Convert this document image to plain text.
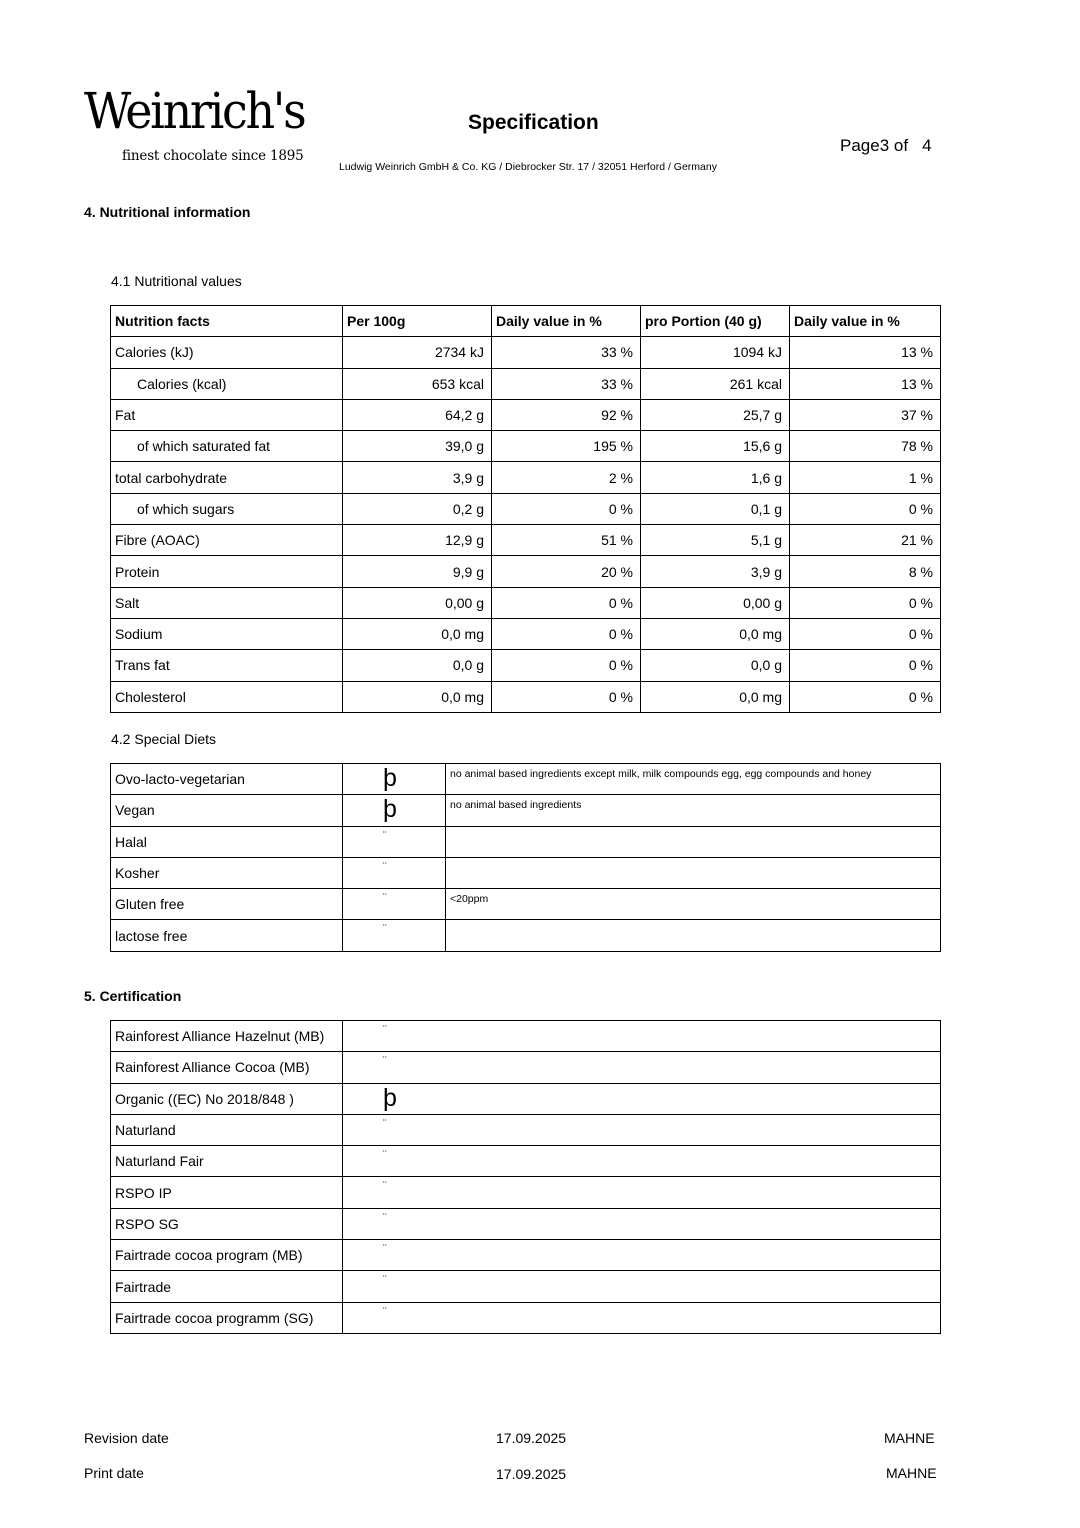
Weinrich's
finest chocolate since 1895
Specification
Ludwig Weinrich GmbH & Co. KG / Diebrocker Str. 17 / 32051 Herford / Germany
Page3 of 4
4. Nutritional information
4.1 Nutritional values
Nutrition facts	Per 100g	Daily value in %	pro Portion (40 g)	Daily value in %
Calories (kJ)	2734 kJ	33 %	1094 kJ	13 %
Calories (kcal)	653 kcal	33 %	261 kcal	13 %
Fat	64,2 g	92 %	25,7 g	37 %
of which saturated fat	39,0 g	195 %	15,6 g	78 %
total carbohydrate	3,9 g	2 %	1,6 g	1 %
of which sugars	0,2 g	0 %	0,1 g	0 %
Fibre (AOAC)	12,9 g	51 %	5,1 g	21 %
Protein	9,9 g	20 %	3,9 g	8 %
Salt	0,00 g	0 %	0,00 g	0 %
Sodium	0,0 mg	0 %	0,0 mg	0 %
Trans fat	0,0 g	0 %	0,0 g	0 %
Cholesterol	0,0 mg	0 %	0,0 mg	0 %
4.2 Special Diets
Ovo-lacto-vegetarian	þ	no animal based ingredients except milk, milk compounds egg, egg compounds and honey
Vegan	þ	no animal based ingredients
Halal	¨	
Kosher	¨	
Gluten free	¨	<20ppm
lactose free	¨	
5. Certification
Rainforest Alliance Hazelnut (MB)	¨
Rainforest Alliance Cocoa (MB)	¨
Organic ((EC) No 2018/848 )	þ
Naturland	¨
Naturland Fair	¨
RSPO IP	¨
RSPO SG	¨
Fairtrade cocoa program (MB)	¨
Fairtrade	¨
Fairtrade cocoa programm (SG)	¨
Revision date	17.09.2025	MAHNE
Print date	17.09.2025	MAHNE
